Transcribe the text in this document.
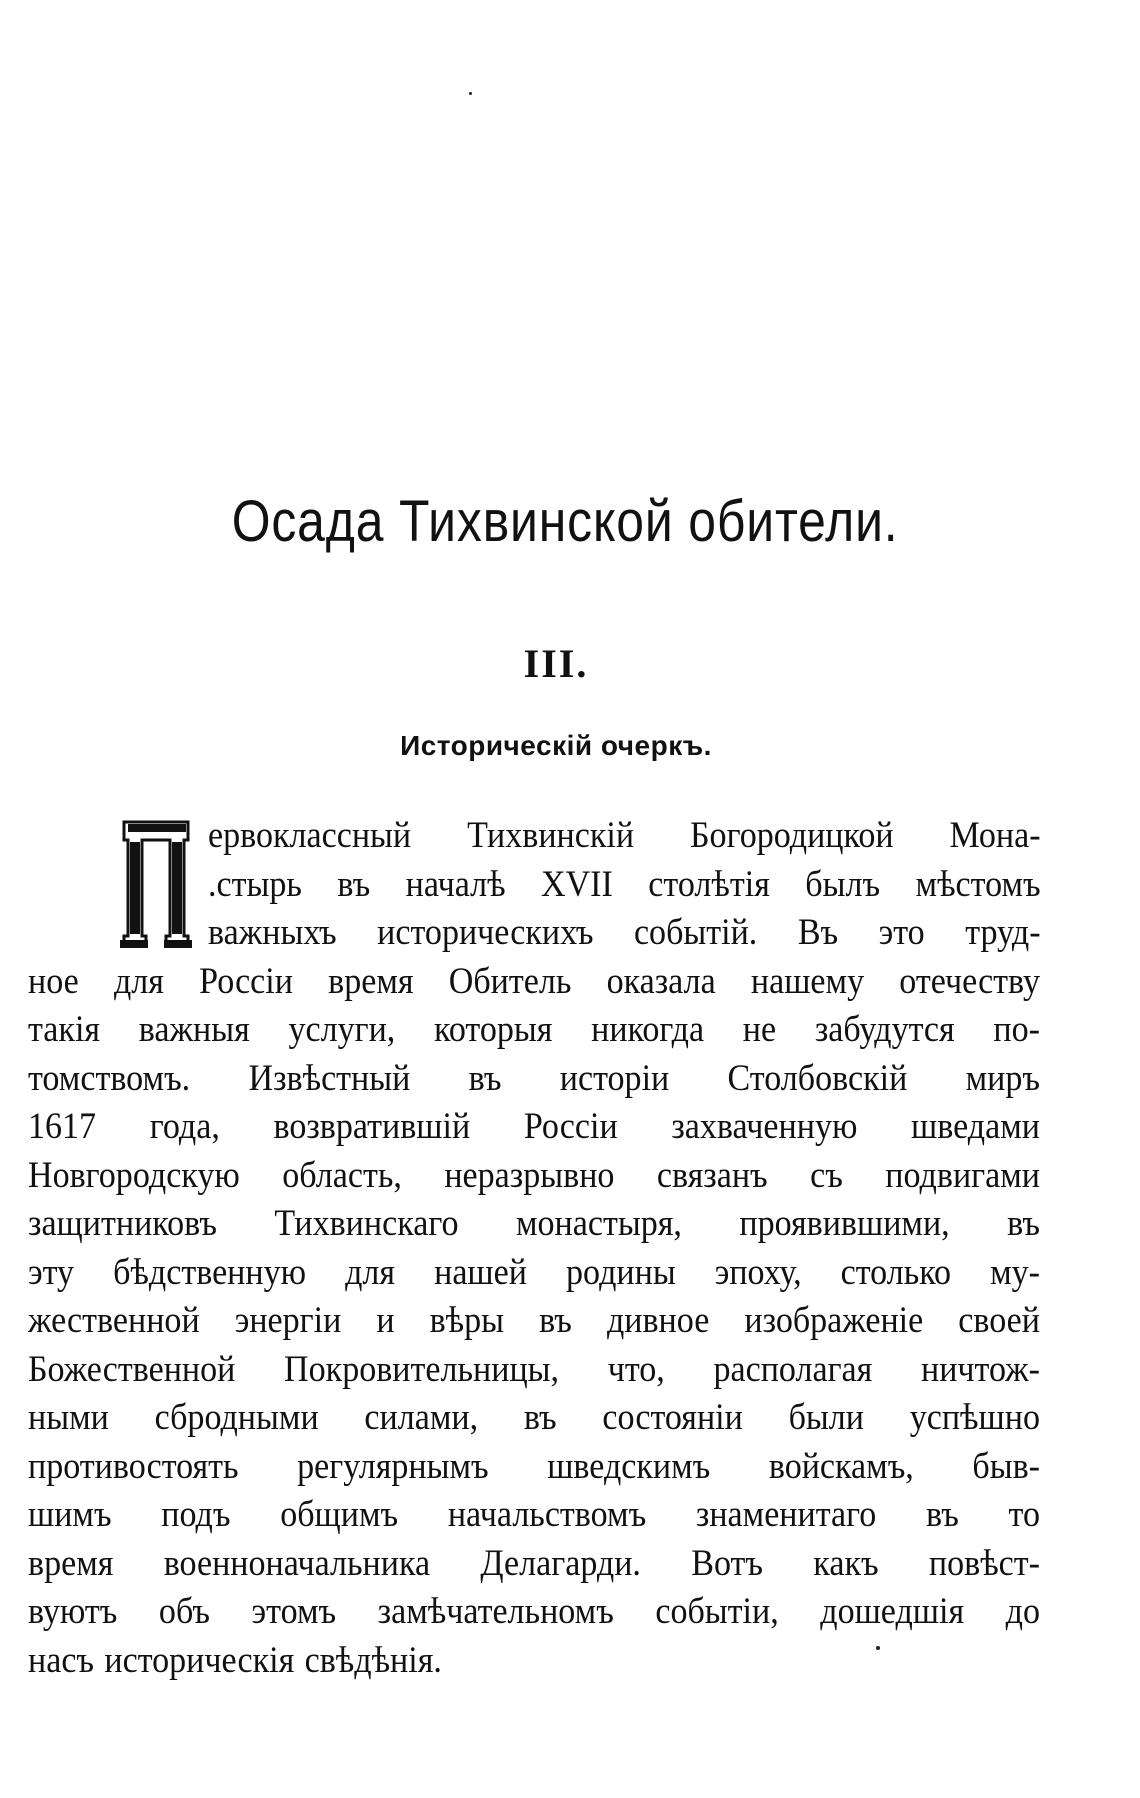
Осада Тихвинской обители.
III.
Историческій очеркъ.
ервоклассный Тихвинскій Богородицкой Мона-
.стырь въ началѣ XVII столѣтія былъ мѣстомъ
важныхъ историческихъ событій. Въ это труд-
ное для Россіи время Обитель оказала нашему отечеству
такія важныя услуги, которыя никогда не забудутся по-
томствомъ. Извѣстный въ исторіи Столбовскій миръ
1617 года, возвратившій Россіи захваченную шведами
Новгородскую область, неразрывно связанъ съ подвигами
защитниковъ Тихвинскаго монастыря, проявившими, въ
эту бѣдственную для нашей родины эпоху, столько му-
жественной энергіи и вѣры въ дивное изображеніе своей
Божественной Покровительницы, что, располагая ничтож-
ными сбродными силами, въ состояніи были успѣшно
противостоять регулярнымъ шведскимъ войскамъ, быв-
шимъ подъ общимъ начальствомъ знаменитаго въ то
время военноначальника Делагарди. Вотъ какъ повѣст-
вуютъ объ этомъ замѣчательномъ событіи, дошедшія до
насъ историческія свѣдѣнія.
